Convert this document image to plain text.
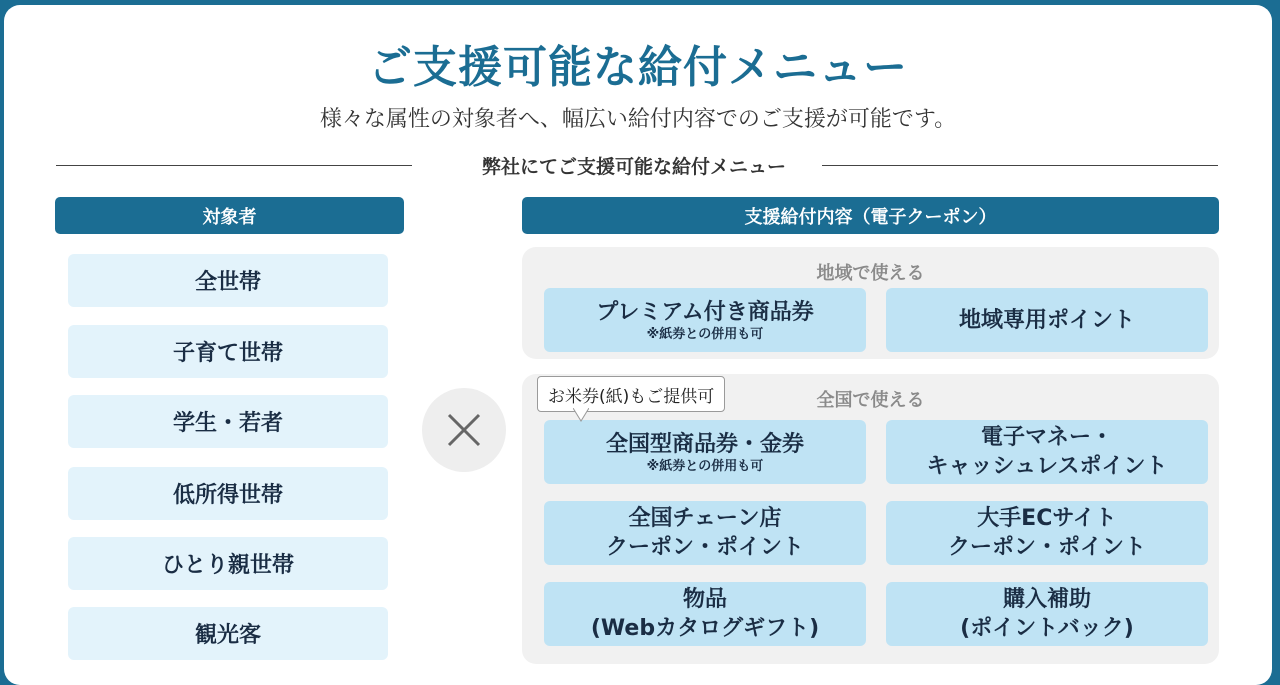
ご支援可能な給付メニュー
様々な属性の対象者へ、幅広い給付内容でのご支援が可能です。
弊社にてご支援可能な給付メニュー
対象者
全世帯
子育て世帯
学生・若者
低所得世帯
ひとり親世帯
観光客
支援給付内容（電子クーポン）
地域で使える
プレミアム付き商品券
※紙券との併用も可
地域専用ポイント
全国で使える
全国型商品券・金券
※紙券との併用も可
電子マネー・
キャッシュレスポイント
全国チェーン店
クーポン・ポイント
大手ECサイト
クーポン・ポイント
物品
(Webカタログギフト)
購入補助
(ポイントバック)
お米券(紙)もご提供可
